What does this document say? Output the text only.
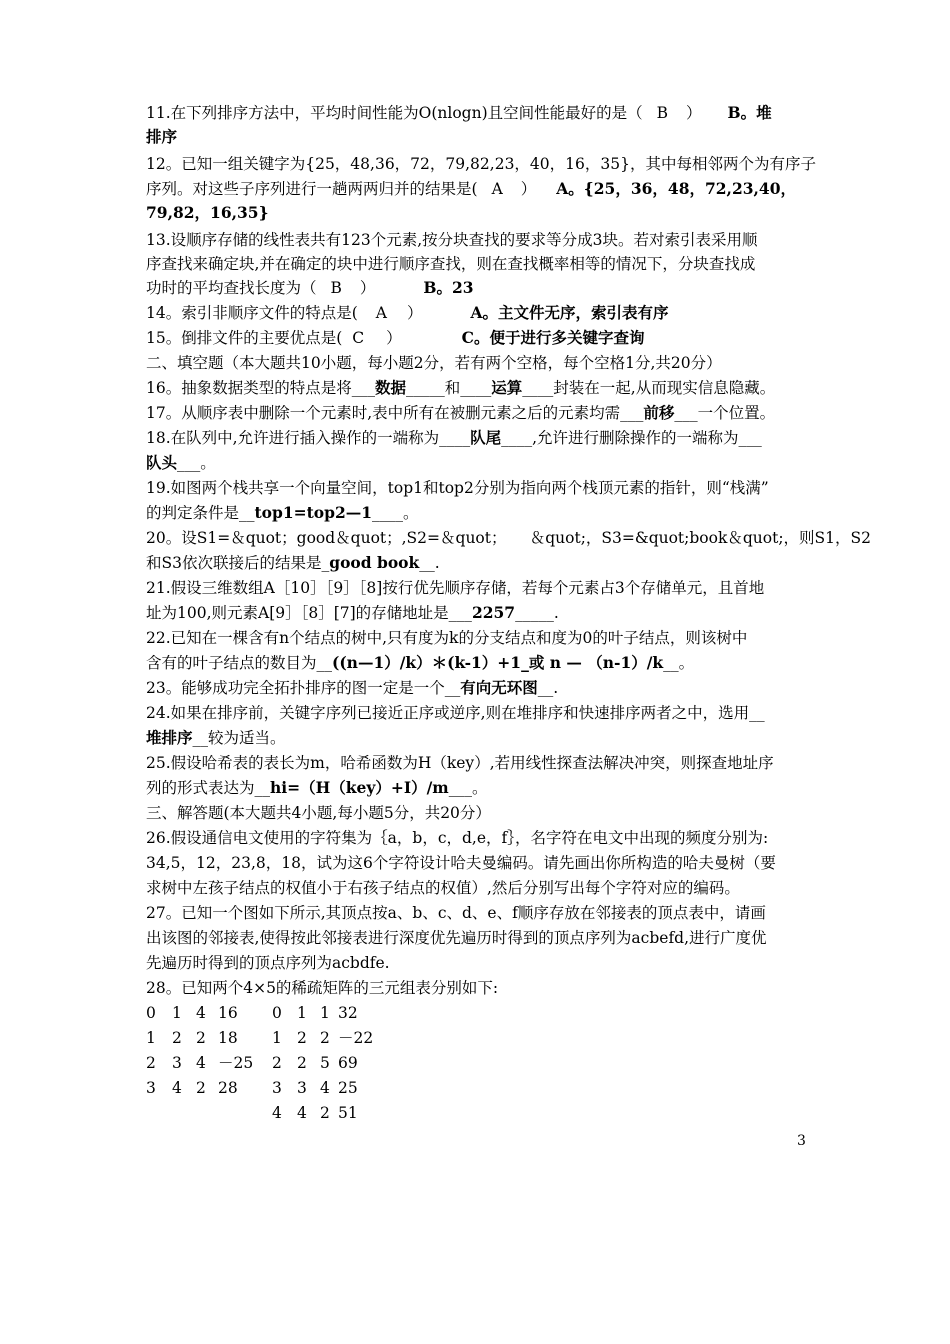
11.在下列排序方法中，平均时间性能为O(nlogn)且空间性能最好的是（ B ） B。堆
排序
12。已知一组关键字为{25，48,36，72，79,82,23，40，16，35}，其中每相邻两个为有序子
序列。对这些子序列进行一趟两两归并的结果是( A ） A。{25，36，48，72,23,40，
79,82，16,35}
13.设顺序存储的线性表共有123个元素,按分块查找的要求等分成3块。若对索引表采用顺
序查找来确定块,并在确定的块中进行顺序查找，则在查找概率相等的情况下，分块查找成
功时的平均查找长度为（ B ）	B。23
14。索引非顺序文件的特点是( A ）	A。主文件无序，索引表有序
15。倒排文件的主要优点是( C ）	C。便于进行多关键字查询
二、填空题（本大题共10小题，每小题2分，若有两个空格，每个空格1分,共20分）
16。抽象数据类型的特点是将___数据_____和____运算____封装在一起,从而现实信息隐藏。
17。从顺序表中删除一个元素时,表中所有在被删元素之后的元素均需___前移___一个位置。
18.在队列中,允许进行插入操作的一端称为____队尾____,允许进行删除操作的一端称为___
队头___。
19.如图两个栈共享一个向量空间，top1和top2分别为指向两个栈顶元素的指针，则“栈满”
的判定条件是__top1=top2—1____。
20。设S1=＆quot；good＆quot；,S2=＆quot；　　＆quot;，S3=&quot;book＆quot;，则S1，S2
和S3依次联接后的结果是_good book__.
21.假设三维数组A［10］［9］［8]按行优先顺序存储，若每个元素占3个存储单元，且首地
址为100,则元素A[9］［8］[7]的存储地址是___2257_____.
22.已知在一棵含有n个结点的树中,只有度为k的分支结点和度为0的叶子结点，则该树中
含有的叶子结点的数目为__((n—1）/k）＊(k-1）+1_或 n — （n-1）/k__。
23。能够成功完全拓扑排序的图一定是一个__有向无环图__.
24.如果在排序前，关键字序列已接近正序或逆序,则在堆排序和快速排序两者之中，选用__
堆排序__较为适当。
25.假设哈希表的表长为m，哈希函数为H（key）,若用线性探查法解决冲突，则探查地址序
列的形式表达为__hi=（H（key）+I）/m___。
三、解答题(本大题共4小题,每小题5分，共20分）
26.假设通信电文使用的字符集为｛a，b，c，d,e，f｝，名字符在电文中出现的频度分别为:
34,5，12，23,8，18，试为这6个字符设计哈夫曼编码。请先画出你所构造的哈夫曼树（要
求树中左孩子结点的权值小于右孩子结点的权值）,然后分别写出每个字符对应的编码。
27。已知一个图如下所示,其顶点按a、b、c、d、e、f顺序存放在邻接表的顶点表中，请画
出该图的邻接表,使得按此邻接表进行深度优先遍历时得到的顶点序列为acbefd,进行广度优
先遍历时得到的顶点序列为acbdfe.
28。已知两个4×5的稀疏矩阵的三元组表分别如下:
0 1 4 16
1 2 2 18
2 3 4 －25
3 4 2 28
0 1 1 32
1 2 2 －22
2 2 5 69
3 3 4 25
4 4 2 51
3
